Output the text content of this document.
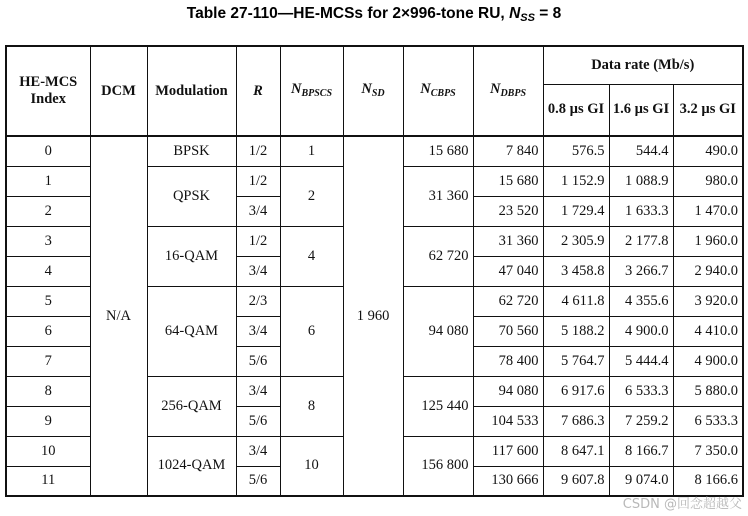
Table 27-110—HE-MCSs for 2×996-tone RU, $N_{SS} = 8$
HE-MCS Index	DCM	Modulation	R	$N_{BPSCS}$	$N_{SD}$	$N_{CBPS}$	$N_{DBPS}$	Data rate (Mb/s)		
								0.8 µs GI	1.6 µs GI	3.2 µs GI
0	N/A	BPSK	1/2	1	1 960	15 680	7 840	576.5	544.4	490.0
1		QPSK	1/2	2		31 360	15 680	1 152.9	1 088.9	980.0
2			3/4				23 520	1 729.4	1 633.3	1 470.0
3		16-QAM	1/2	4		62 720	31 360	2 305.9	2 177.8	1 960.0
4			3/4				47 040	3 458.8	3 266.7	2 940.0
5		64-QAM	2/3	6		94 080	62 720	4 611.8	4 355.6	3 920.0
6			3/4				70 560	5 188.2	4 900.0	4 410.0
7			5/6				78 400	5 764.7	5 444.4	4 900.0
8		256-QAM	3/4	8		125 440	94 080	6 917.6	6 533.3	5 880.0
9			5/6				104 533	7 686.3	7 259.2	6 533.3
10		1024-QAM	3/4	10		156 800	117 600	8 647.1	8 166.7	7 350.0
11			5/6				130 666	9 607.8	9 074.0	8 166.6
CSDN @回念超越父
